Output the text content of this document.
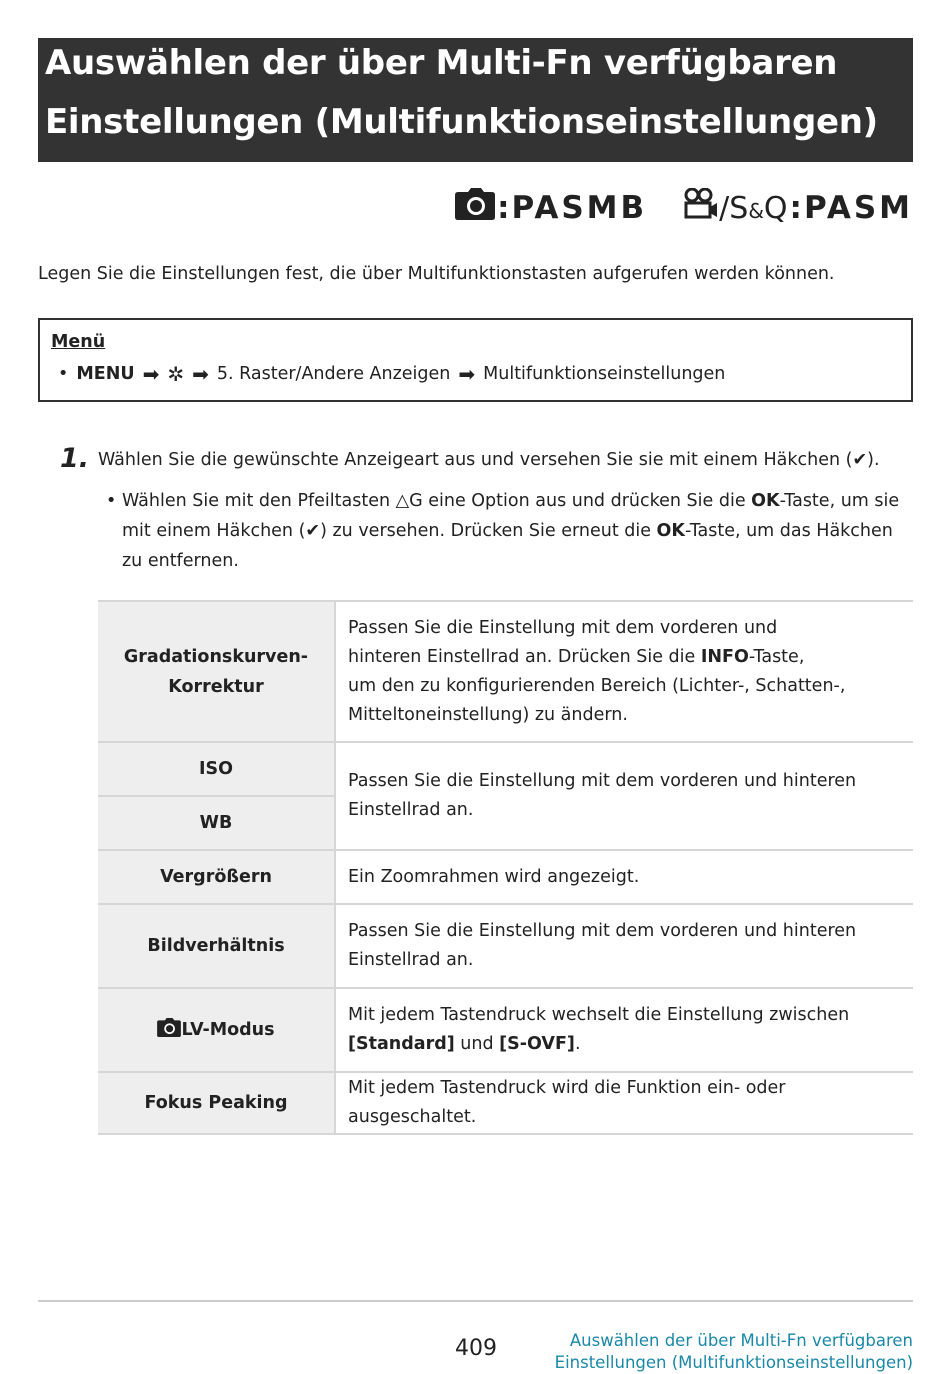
Auswählen der über Multi-Fn verfügbaren
Einstellungen (Multifunktionseinstellungen)
: PASMB / S&Q : PASM
Legen Sie die Einstellungen fest, die über Multifunktionstasten aufgerufen werden können.
Menü
• MENU ➡ ✲ ➡ 5. Raster/Andere Anzeigen ➡ Multifunktionseinstellungen
1. Wählen Sie die gewünschte Anzeigeart aus und versehen Sie sie mit einem Häkchen (✔).
• Wählen Sie mit den Pfeiltasten △G eine Option aus und drücken Sie die OK-Taste, um sie mit einem Häkchen (✔) zu versehen. Drücken Sie erneut die OK-Taste, um das Häkchen zu entfernen.
Gradationskurven-
Korrektur	Passen Sie die Einstellung mit dem vorderen und
hinteren Einstellrad an. Drücken Sie die INFO-Taste,
um den zu konfigurierenden Bereich (Lichter-, Schatten-,
Mitteltoneinstellung) zu ändern.
ISO	Passen Sie die Einstellung mit dem vorderen und hinteren Einstellrad an.
WB	
Vergrößern	Ein Zoomrahmen wird angezeigt.
Bildverhältnis	Passen Sie die Einstellung mit dem vorderen und hinteren Einstellrad an.
LV-Modus	Mit jedem Tastendruck wechselt die Einstellung zwischen
[Standard] und [S-OVF].
Fokus Peaking	Mit jedem Tastendruck wird die Funktion ein- oder ausgeschaltet.
409	Auswählen der über Multi-Fn verfügbaren
Einstellungen (Multifunktionseinstellungen)
